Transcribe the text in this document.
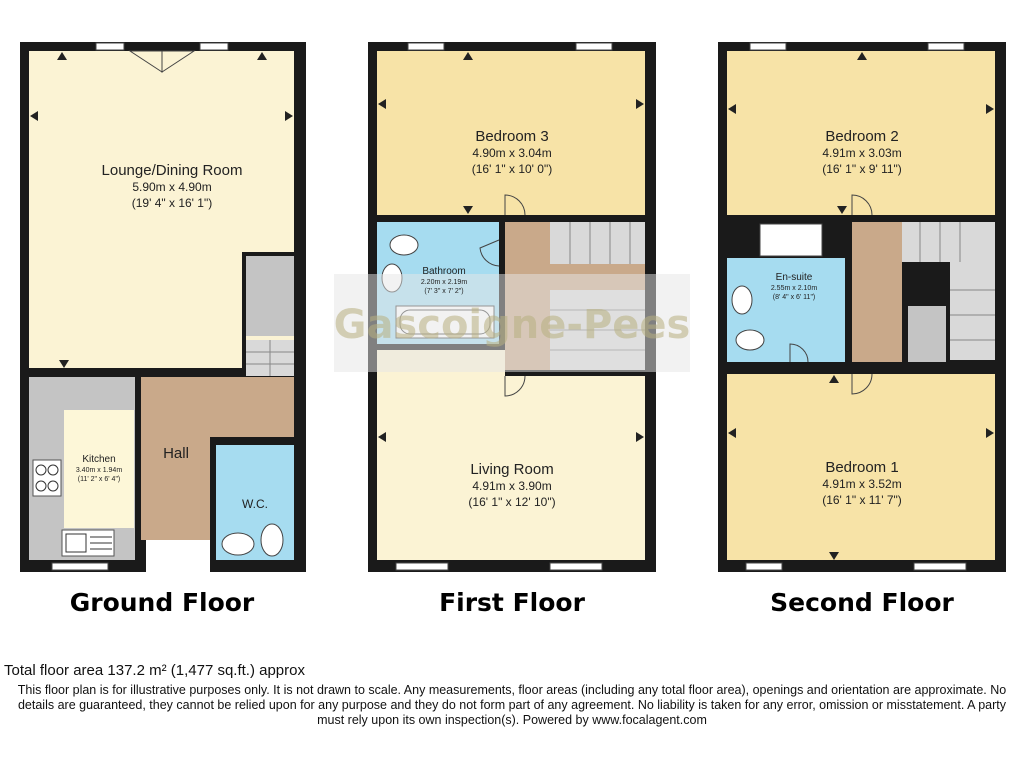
Lounge/Dining Room
5.90m x 4.90m
(19' 4" x 16' 1")
Kitchen
3.40m x 1.94m
(11' 2" x 6' 4")
Hall
W.C.
Ground Floor
Gascoigne-Pees
Bedroom 3
4.90m x 3.04m
(16' 1" x 10' 0")
Bathroom
2.20m x 2.19m
(7' 3" x 7' 2")
Living Room
4.91m x 3.90m
(16' 1" x 12' 10")
First Floor
Bedroom 2
4.91m x 3.03m
(16' 1" x 9' 11")
En-suite
2.55m x 2.10m
(8' 4" x 6' 11")
Bedroom 1
4.91m x 3.52m
(16' 1" x 11' 7")
Second Floor
Total floor area 137.2 m² (1,477 sq.ft.) approx
This floor plan is for illustrative purposes only. It is not drawn to scale. Any measurements, floor areas (including any total floor area), openings and orientation are approximate. No details are guaranteed, they cannot be relied upon for any purpose and they do not form part of any agreement. No liability is taken for any error, omission or misstatement. A party must rely upon its own inspection(s). Powered by www.focalagent.com
